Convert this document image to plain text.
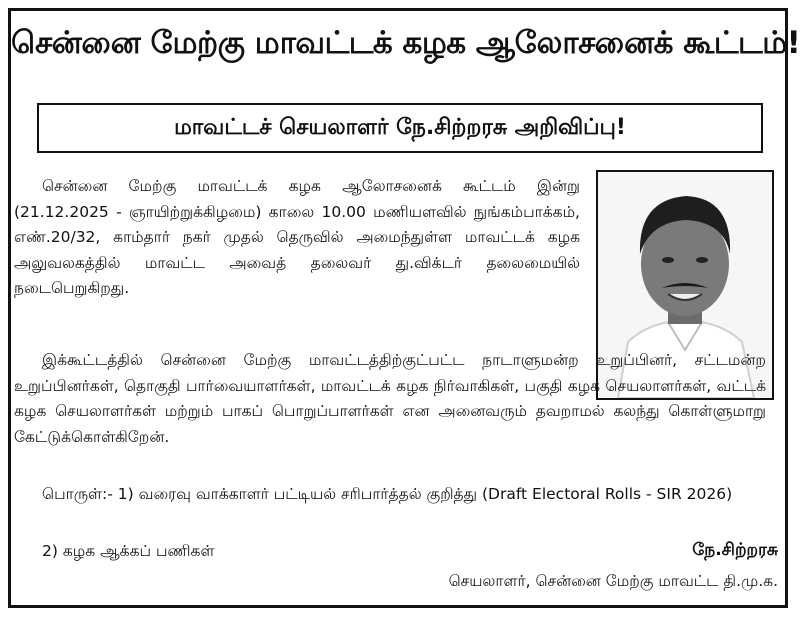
சென்னை மேற்கு மாவட்டக் கழக ஆலோசனைக் கூட்டம்!
மாவட்டச் செயலாளர் நே.சிற்றரசு அறிவிப்பு!
சென்னை மேற்கு மாவட்டக் கழக ஆலோசனைக் கூட்டம் இன்று (21.12.2025 - ஞாயிற்றுக்கிழமை) காலை 10.00 மணியளவில் நுங்கம்பாக்கம், எண்.20/32, காம்தார் நகர் முதல் தெருவில் அமைந்துள்ள மாவட்டக் கழக அலுவலகத்தில் மாவட்ட அவைத் தலைவர் து.விக்டர் தலைமையில் நடைபெறுகிறது.
இக்கூட்டத்தில் சென்னை மேற்கு மாவட்டத்திற்குட்பட்ட நாடாளுமன்ற உறுப்பினர், சட்டமன்ற உறுப்பினர்கள், தொகுதி பார்வையாளர்கள், மாவட்டக் கழக நிர்வாகிகள், பகுதி கழக செயலாளர்கள், வட்டக் கழக செயலாளர்கள் மற்றும் பாகப் பொறுப்பாளர்கள் என அனைவரும் தவறாமல் கலந்து கொள்ளுமாறு கேட்டுக்கொள்கிறேன்.
பொருள்:- 1) வரைவு வாக்காளர் பட்டியல் சரிபார்த்தல் குறித்து (Draft Electoral Rolls - SIR 2026)
2) கழக ஆக்கப் பணிகள்	நே.சிற்றரசு
செயலாளர், சென்னை மேற்கு மாவட்ட தி.மு.க.
